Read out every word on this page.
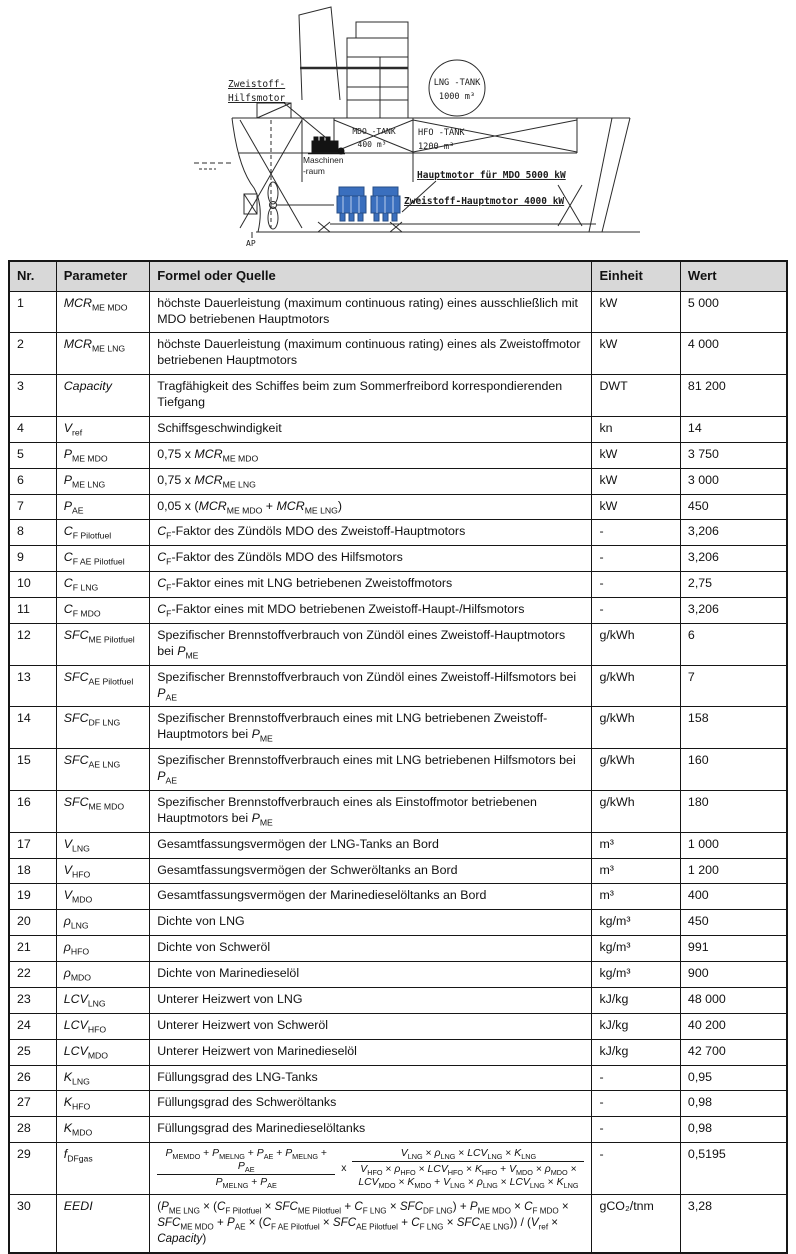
Zweistoff-
Hilfsmotor
LNG -TANK
1000 m³
MDO -TANK
400 m³
HFO -TANK
1200 m³
Hauptmotor für MDO 5000 kW
Zweistoff-Hauptmotor 4000 kW
AP
Maschinen
-raum
Nr.	Parameter	Formel oder Quelle	Einheit	Wert
1	$MCR_{ME MDO}$	höchste Dauerleistung (maximum continuous rating) eines ausschließlich mit MDO betriebenen Hauptmotors	kW	5 000
2	$MCR_{ME LNG}$	höchste Dauerleistung (maximum continuous rating) eines als Zweistoffmotor betriebenen Hauptmotors	kW	4 000
3	Capacity	Tragfähigkeit des Schiffes beim zum Sommerfreibord korrespondierenden Tiefgang	DWT	81 200
4	$V_{ref}$	Schiffsgeschwindigkeit	kn	14
5	$P_{ME MDO}$	0,75 x $MCR_{ME MDO}$	kW	3 750
6	$P_{ME LNG}$	0,75 x $MCR_{ME LNG}$	kW	3 000
7	$P_{AE}$	0,05 x $(MCR_{ME MDO} + MCR_{ME LNG})$	kW	450
8	$C_{F Pilotfuel}$	$C_F$-Faktor des Zündöls MDO des Zweistoff-Hauptmotors	-	3,206
9	$C_{F AE Pilotfuel}$	$C_F$-Faktor des Zündöls MDO des Hilfsmotors	-	3,206
10	$C_{F LNG}$	$C_F$-Faktor eines mit LNG betriebenen Zweistoffmotors	-	2,75
11	$C_{F MDO}$	$C_F$-Faktor eines mit MDO betriebenen Zweistoff-Haupt-/Hilfsmotors	-	3,206
12	$SFC_{ME Pilotfuel}$	Spezifischer Brennstoffverbrauch von Zündöl eines Zweistoff-Hauptmotors bei $P_{ME}$	g/kWh	6
13	$SFC_{AE Pilotfuel}$	Spezifischer Brennstoffverbrauch von Zündöl eines Zweistoff-Hilfsmotors bei $P_{AE}$	g/kWh	7
14	$SFC_{DF LNG}$	Spezifischer Brennstoffverbrauch eines mit LNG betriebenen Zweistoff-Hauptmotors bei $P_{ME}$	g/kWh	158
15	$SFC_{AE LNG}$	Spezifischer Brennstoffverbrauch eines mit LNG betriebenen Hilfsmotors bei $P_{AE}$	g/kWh	160
16	$SFC_{ME MDO}$	Spezifischer Brennstoffverbrauch eines als Einstoffmotor betriebenen Hauptmotors bei $P_{ME}$	g/kWh	180
17	$V_{LNG}$	Gesamtfassungsvermögen der LNG-Tanks an Bord	m³	1 000
18	$V_{HFO}$	Gesamtfassungsvermögen der Schweröltanks an Bord	m³	1 200
19	$V_{MDO}$	Gesamtfassungsvermögen der Marinedieselöltanks an Bord	m³	400
20	$\rho_{LNG}$	Dichte von LNG	kg/m³	450
21	$\rho_{HFO}$	Dichte von Schweröl	kg/m³	991
22	$\rho_{MDO}$	Dichte von Marinedieselöl	kg/m³	900
23	$LCV_{LNG}$	Unterer Heizwert von LNG	kJ/kg	48 000
24	$LCV_{HFO}$	Unterer Heizwert von Schweröl	kJ/kg	40 200
25	$LCV_{MDO}$	Unterer Heizwert von Marinedieselöl	kJ/kg	42 700
26	$K_{LNG}$	Füllungsgrad des LNG-Tanks	-	0,95
27	$K_{HFO}$	Füllungsgrad des Schweröltanks	-	0,98
28	$K_{MDO}$	Füllungsgrad des Marinedieselöltanks	-	0,98
29	$f_{DFgas}$	$\frac{P_{MEMDO} + P_{MELNG} + P_{AE} + P_{MELNG} + P_{AE}}{P_{MELNG} + P_{AE}}$ x
$V_{LNG} \times \rho_{LNG} \times LCV_{LNG} \times K_{LNG}$
$V_{HFO} \times \rho_{HFO} \times LCV_{HFO} \times K_{HFO} + V_{MDO} \times \rho_{MDO} \times LCV_{MDO} \times K_{MDO} + V_{LNG} \times \rho_{LNG} \times LCV_{LNG} \times K_{LNG}$	-	0,5195
30	EEDI	$(P_{ME LNG} \times (C_{F Pilotfuel} \times SFC_{ME Pilotfuel} + C_{F LNG} \times SFC_{DF LNG}) + P_{ME MDO} \times C_{F MDO} \times SFC_{ME MDO} + P_{AE} \times (C_{F AE Pilotfuel} \times SFC_{AE Pilotfuel} + C_{F LNG} \times SFC_{AE LNG})) / (V_{ref}$ × Capacity)	gCO₂/tnm	3,28
